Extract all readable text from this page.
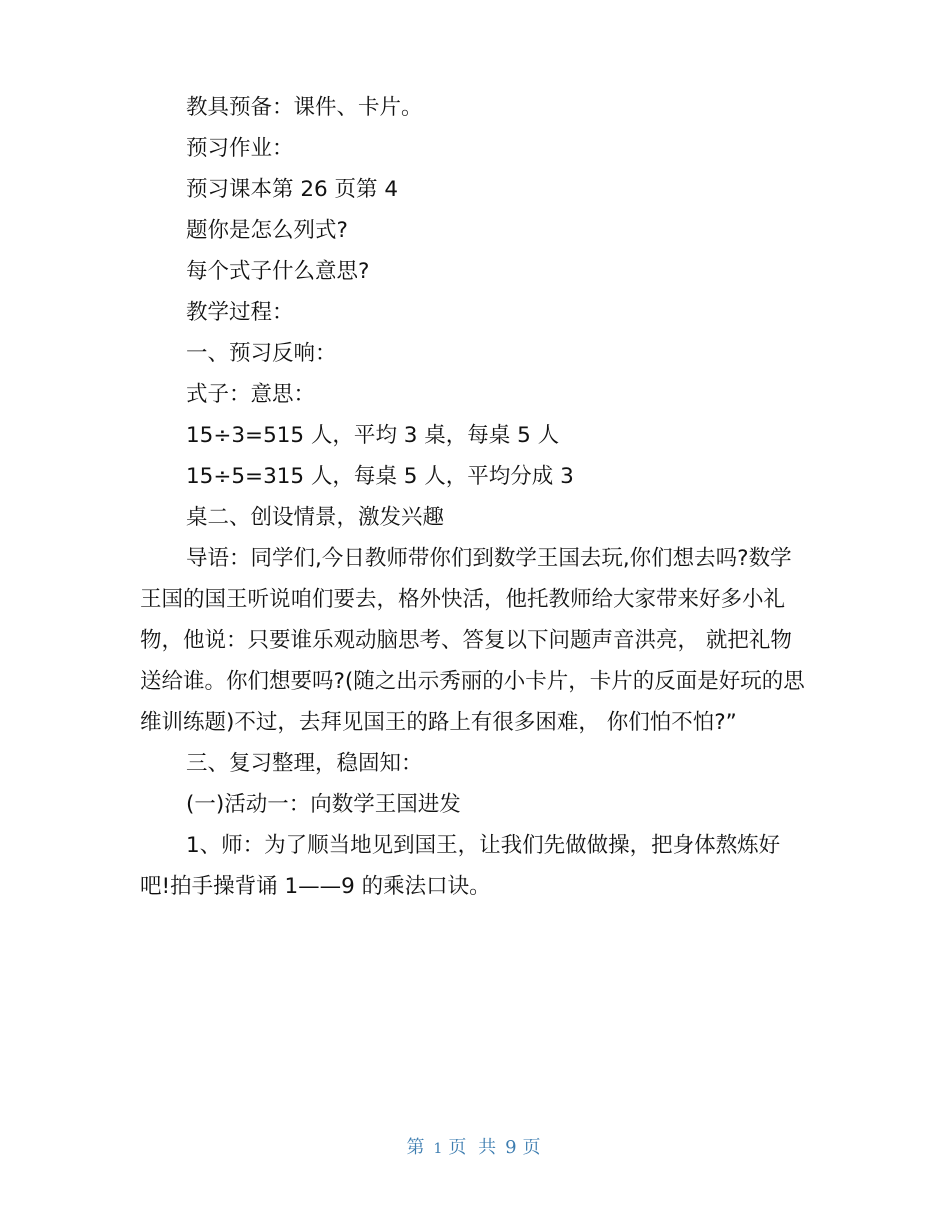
教具预备：课件、卡片。

预习作业：

预习课本第 26 页第 4

题你是怎么列式?

每个式子什么意思?

教学过程：

一、预习反响：

式子：意思：

15÷3=515 人，平均 3 桌，每桌 5 人

15÷5=315 人，每桌 5 人，平均分成 3

桌二、创设情景，激发兴趣

导语：同学们,今日教师带你们到数学王国去玩,你们想去吗?数学王国的国王听说咱们要去，格外快活，他托教师给大家带来好多小礼物，他说：只要谁乐观动脑思考、答复以下问题声音洪亮， 就把礼物送给谁。你们想要吗?(随之出示秀丽的小卡片，卡片的反面是好玩的思维训练题)不过，去拜见国王的路上有很多困难， 你们怕不怕?”

三、复习整理，稳固知：

(一)活动一：向数学王国进发

1、师：为了顺当地见到国王，让我们先做做操，把身体熬炼好吧!拍手操背诵 1——9 的乘法口诀。

第 1 页 共 9 页
